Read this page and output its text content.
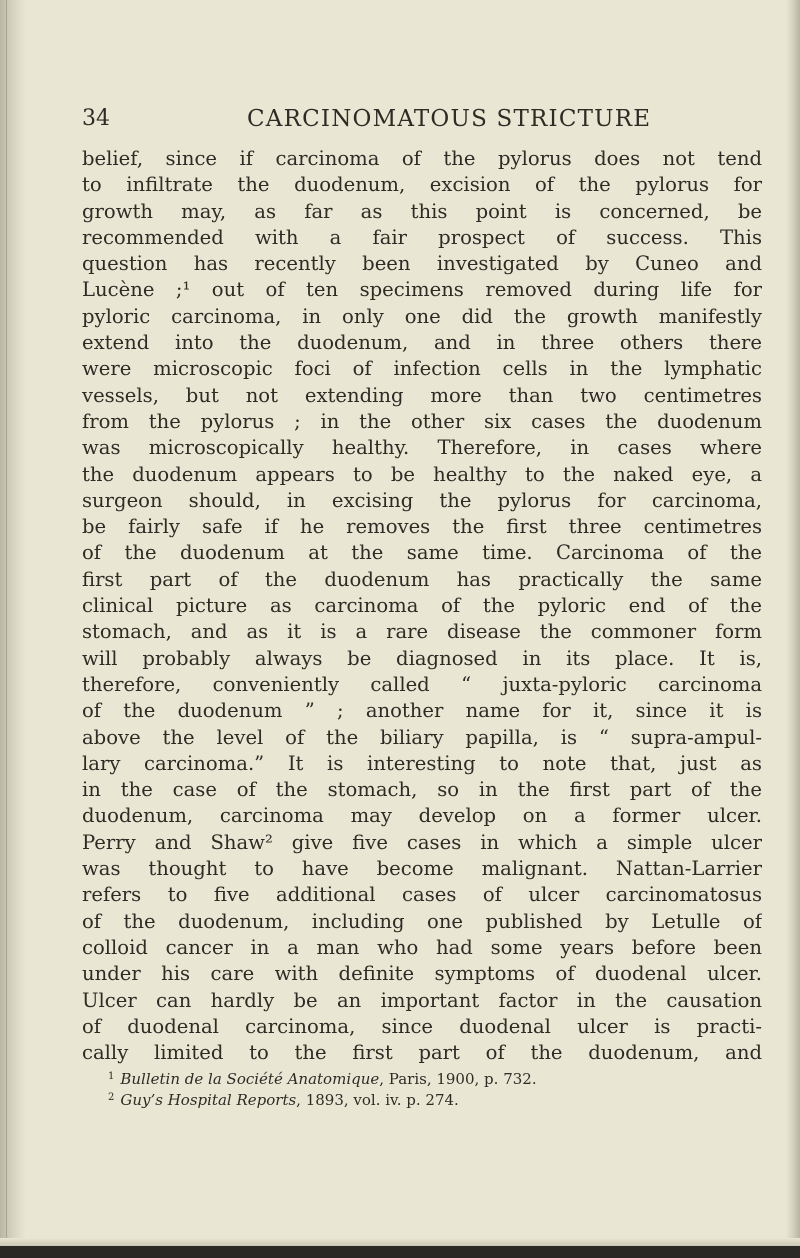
34	CARCINOMATOUS STRICTURE
belief, since if carcinoma of the pylorus does not tend
to infiltrate the duodenum, excision of the pylorus for
growth may, as far as this point is concerned, be
recommended with a fair prospect of success. This
question has recently been investigated by Cuneo and
Lucène ;¹ out of ten specimens removed during life for
pyloric carcinoma, in only one did the growth manifestly
extend into the duodenum, and in three others there
were microscopic foci of infection cells in the lymphatic
vessels, but not extending more than two centimetres
from the pylorus ; in the other six cases the duodenum
was microscopically healthy. Therefore, in cases where
the duodenum appears to be healthy to the naked eye, a
surgeon should, in excising the pylorus for carcinoma,
be fairly safe if he removes the first three centimetres
of the duodenum at the same time. Carcinoma of the
first part of the duodenum has practically the same
clinical picture as carcinoma of the pyloric end of the
stomach, and as it is a rare disease the commoner form
will probably always be diagnosed in its place. It is,
therefore, conveniently called “ juxta-pyloric carcinoma
of the duodenum ” ; another name for it, since it is
above the level of the biliary papilla, is “ supra-ampul-
lary carcinoma.” It is interesting to note that, just as
in the case of the stomach, so in the first part of the
duodenum, carcinoma may develop on a former ulcer.
Perry and Shaw² give five cases in which a simple ulcer
was thought to have become malignant. Nattan-Larrier
refers to five additional cases of ulcer carcinomatosus
of the duodenum, including one published by Letulle of
colloid cancer in a man who had some years before been
under his care with definite symptoms of duodenal ulcer.
Ulcer can hardly be an important factor in the causation
of duodenal carcinoma, since duodenal ulcer is practi-
cally limited to the first part of the duodenum, and
$^1$ Bulletin de la Société Anatomique, Paris, 1900, p. 732.
$^2$ Guy’s Hospital Reports, 1893, vol. iv. p. 274.
